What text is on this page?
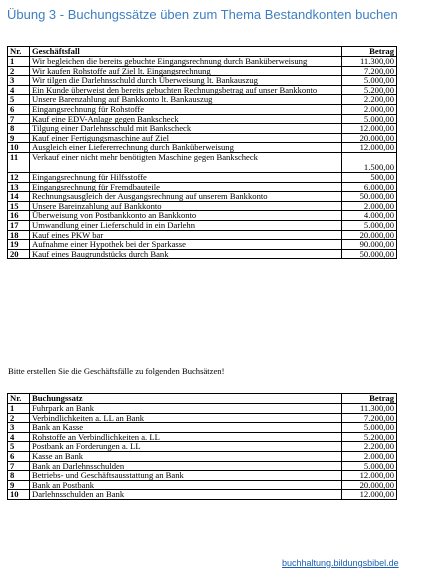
Übung 3 - Buchungssätze üben zum Thema Bestandkonten buchen
Nr.	Geschäftsfall	Betrag
1	Wir begleichen die bereits gebuchte Eingangsrechnung durch Banküberweisung	11.300,00
2	Wir kaufen Rohstoffe auf Ziel lt. Eingangsrechnung	7.200,00
3	Wir tilgen die Darlehnsschuld durch Überweisung lt. Bankauszug	5.000,00
4	Ein Kunde überweist den bereits gebuchten Rechnungsbetrag auf unser Bankkonto	5.200,00
5	Unsere Barenzahlung auf Bankkonto lt. Bankauszug	2.200,00
6	Eingangsrechnung für Rohstoffe	2.000,00
7	Kauf eine EDV-Anlage gegen Bankscheck	5.000,00
8	Tilgung einer Darlehnsschuld mit Bankscheck	12.000,00
9	Kauf einer Fertigungsmaschine auf Ziel	20.000,00
10	Ausgleich einer Liefererrechnung durch Banküberweisung	12.000,00
11	Verkauf einer nicht mehr benötigten Maschine gegen Bankscheck	1.500,00
12	Eingangsrechnung für Hilfsstoffe	500,00
13	Eingangsrechnung für Fremdbauteile	6.000,00
14	Rechnungsausgleich der Ausgangsrechnung auf unserem Bankkonto	50.000,00
15	Unsere Bareinzahlung auf Bankkonto	2.000,00
16	Überweisung von Postbankkonto an Bankkonto	4.000,00
17	Umwandlung einer Lieferschuld in ein Darlehn	5.000,00
18	Kauf eines PKW bar	20.000,00
19	Aufnahme einer Hypothek bei der Sparkasse	90.000,00
20	Kauf eines Baugrundstücks durch Bank	50.000,00
Bitte erstellen Sie die Geschäftsfälle zu folgenden Buchsätzen!
Nr.	Buchungssatz	Betrag
1	Fuhrpark an Bank	11.300,00
2	Verbindlichkeiten a. LL an Bank	7.200,00
3	Bank an Kasse	5.000,00
4	Rohstoffe an Verbindlichkeiten a. LL	5.200,00
5	Postbank an Forderungen a. LL	2.200,00
6	Kasse an Bank	2.000,00
7	Bank an Darlehnsschulden	5.000,00
8	Betriebs- und Geschäftsausstattung an Bank	12.000,00
9	Bank an Postbank	20.000,00
10	Darlehnsschulden an Bank	12.000,00
buchhaltung.bildungsbibel.de
